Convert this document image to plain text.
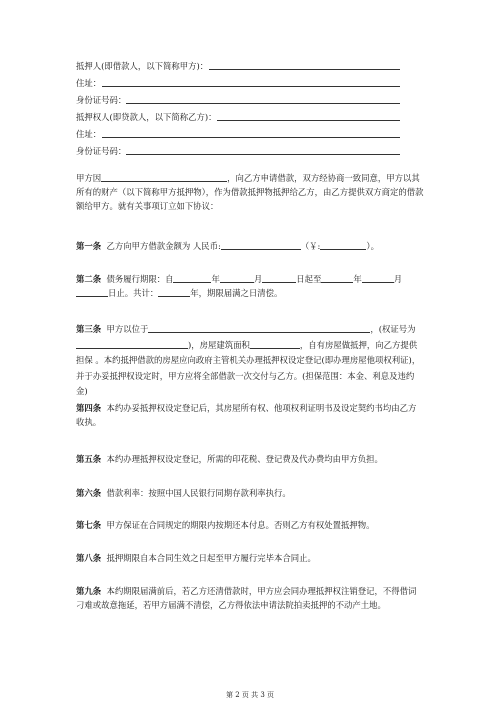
抵押人(即借款人，以下简称甲方)：
住址：
身份证号码：
抵押权人(即贷款人，以下简称乙方)：
住址：
身份证号码：
甲方因	，向乙方申请借款，双方经协商一致同意，甲方以其所有的财产（以下简称甲方抵押物），作为借款抵押物抵押给乙方，由乙方提供双方商定的借款额给甲方。就有关事项订立如下协议：
第一条 乙方向甲方借款金额为 人民币:	（￥:	）。
第二条 债务履行期限：自	年	月	日起至	年	月日止。共计：	年，期限届满之日清偿。
第三条 甲方以位于	，(权证号为)，房屋建筑面积	，自有房屋做抵押，向乙方提供担保 。本约抵押借款的房屋应向政府主管机关办理抵押权设定登记(即办理房屋他项权利证)，并于办妥抵押权设定时，甲方应将全部借款一次交付与乙方。(担保范围：本金、利息及违约金)
第四条 本约办妥抵押权设定登记后，其房屋所有权、他项权利证明书及设定契约书均由乙方收执。
第五条 本约办理抵押权设定登记，所需的印花税、登记费及代办费均由甲方负担。
第六条 借款利率：按照中国人民银行同期存款利率执行。
第七条 甲方保证在合同规定的期限内按期还本付息。否则乙方有权处置抵押物。
第八条 抵押期限自本合同生效之日起至甲方履行完毕本合同止。
第九条 本约期限届满前后，若乙方还清借款时，甲方应会同办理抵押权注销登记，不得借词刁难或故意拖延，若甲方届满不清偿，乙方得依法申请法院拍卖抵押的不动产土地。
第 2 页 共 3 页
